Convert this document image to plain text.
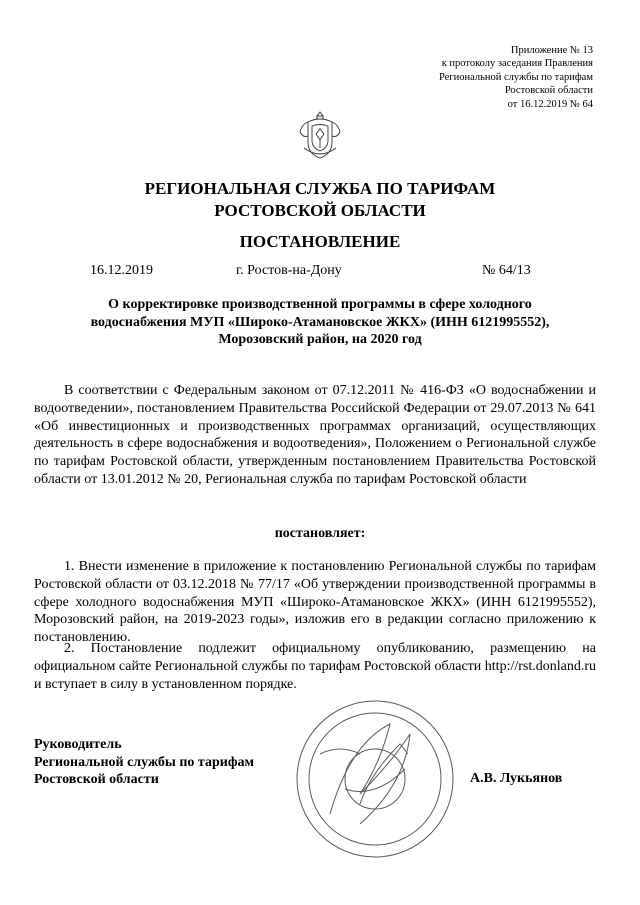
Приложение № 13
к протоколу заседания Правления
Региональной службы по тарифам
Ростовской области
от 16.12.2019 № 64
РЕГИОНАЛЬНАЯ СЛУЖБА ПО ТАРИФАМ
РОСТОВСКОЙ ОБЛАСТИ
ПОСТАНОВЛЕНИЕ
16.12.2019	г. Ростов-на-Дону	№ 64/13
О корректировке производственной программы в сфере холодного
водоснабжения МУП «Широко-Атамановское ЖКХ» (ИНН 6121995552),
Морозовский район, на 2020 год
В соответствии с Федеральным законом от 07.12.2011 № 416-ФЗ «О водоснабжении и водоотведении», постановлением Правительства Российской Федерации от 29.07.2013 № 641 «Об инвестиционных и производственных программах организаций, осуществляющих деятельность в сфере водоснабжения и водоотведения», Положением о Региональной службе по тарифам Ростовской области, утвержденным постановлением Правительства Ростовской области от 13.01.2012 № 20, Региональная служба по тарифам Ростовской области
постановляет:
1. Внести изменение в приложение к постановлению Региональной службы по тарифам Ростовской области от 03.12.2018 № 77/17 «Об утверждении производственной программы в сфере холодного водоснабжения МУП «Широко-Атамановское ЖКХ» (ИНН 6121995552), Морозовский район, на 2019-2023 годы», изложив его в редакции согласно приложению к постановлению.
2. Постановление подлежит официальному опубликованию, размещению на официальном сайте Региональной службы по тарифам Ростовской области http://rst.donland.ru и вступает в силу в установленном порядке.
Руководитель
Региональной службы по тарифам
Ростовской области	А.В. Лукьянов
